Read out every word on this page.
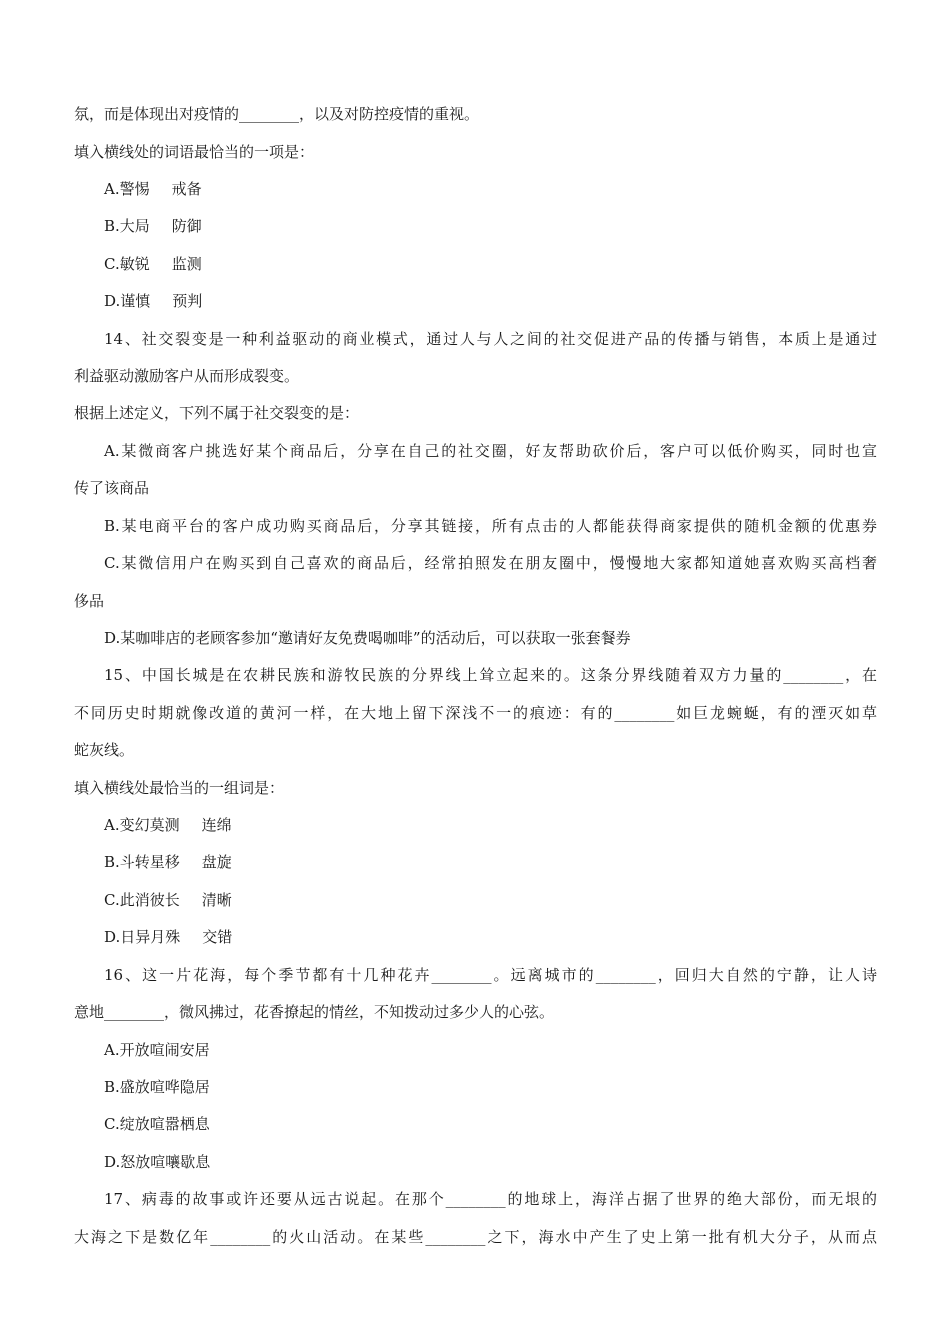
氛，而是体现出对疫情的________，以及对防控疫情的重视。
填入横线处的词语最恰当的一项是：
A.警惕 戒备
B.大局 防御
C.敏锐 监测
D.谨慎 预判
14、社交裂变是一种利益驱动的商业模式，通过人与人之间的社交促进产品的传播与销售，本质上是通过
利益驱动激励客户从而形成裂变。
根据上述定义，下列不属于社交裂变的是：
A.某微商客户挑选好某个商品后，分享在自己的社交圈，好友帮助砍价后，客户可以低价购买，同时也宣
传了该商品
B.某电商平台的客户成功购买商品后，分享其链接，所有点击的人都能获得商家提供的随机金额的优惠券
C.某微信用户在购买到自己喜欢的商品后，经常拍照发在朋友圈中，慢慢地大家都知道她喜欢购买高档奢
侈品
D.某咖啡店的老顾客参加“邀请好友免费喝咖啡”的活动后，可以获取一张套餐券
15、中国长城是在农耕民族和游牧民族的分界线上耸立起来的。这条分界线随着双方力量的________，在
不同历史时期就像改道的黄河一样，在大地上留下深浅不一的痕迹：有的________如巨龙蜿蜒，有的湮灭如草
蛇灰线。
填入横线处最恰当的一组词是：
A.变幻莫测 连绵
B.斗转星移 盘旋
C.此消彼长 清晰
D.日异月殊 交错
16、这一片花海，每个季节都有十几种花卉________。远离城市的________，回归大自然的宁静，让人诗
意地________，微风拂过，花香撩起的情丝，不知拨动过多少人的心弦。
A.开放喧闹安居
B.盛放喧哗隐居
C.绽放喧嚣栖息
D.怒放喧嚷歇息
17、病毒的故事或许还要从远古说起。在那个________的地球上，海洋占据了世界的绝大部份，而无垠的
大海之下是数亿年________的火山活动。在某些________之下，海水中产生了史上第一批有机大分子，从而点
